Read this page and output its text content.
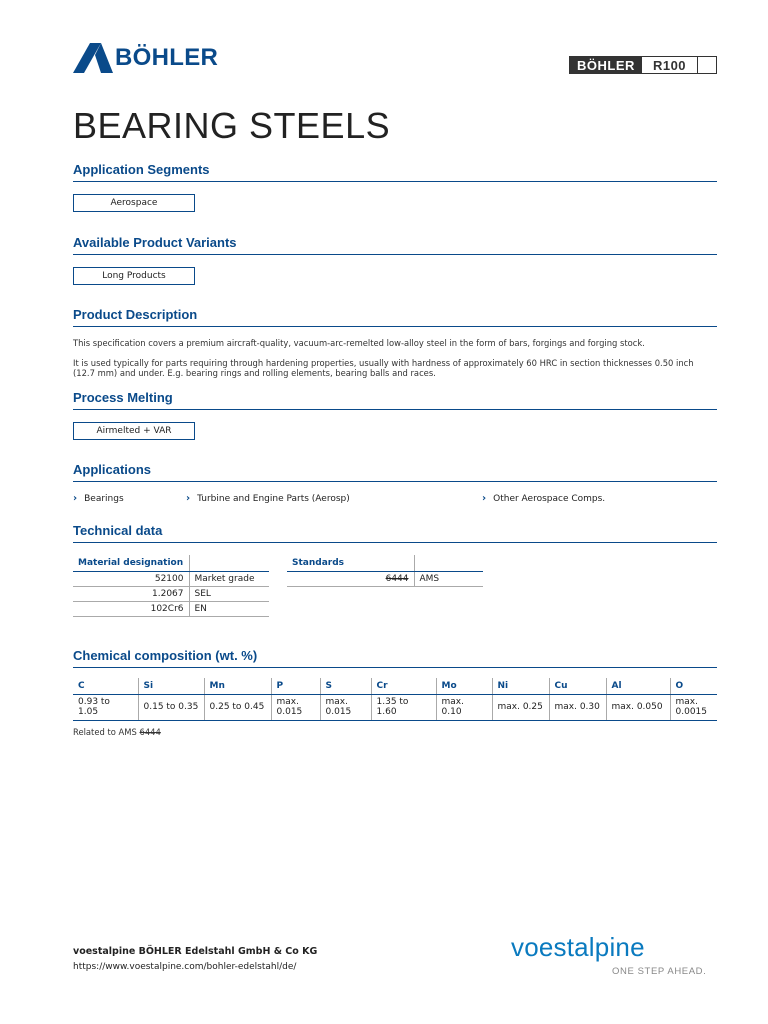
BÖHLER	BÖHLER	R100
BEARING STEELS
Application Segments
Aerospace
Available Product Variants
Long Products
Product Description
This specification covers a premium aircraft-quality, vacuum-arc-remelted low-alloy steel in the form of bars, forgings and forging stock.
It is used typically for parts requiring through hardening properties, usually with hardness of approximately 60 HRC in section thicknesses 0.50 inch (12.7 mm) and under. E.g. bearing rings and rolling elements, bearing balls and races.
Process Melting
Airmelted + VAR
Applications
› Bearings	› Turbine and Engine Parts (Aerosp)	› Other Aerospace Comps.
Technical data
Material designation	
52100	Market grade
1.2067	SEL
102Cr6	EN
Standards	
6444	AMS
Chemical composition (wt. %)
C	Si	Mn	P	S	Cr	Mo	Ni	Cu	Al	O
0.93 to 1.05	0.15 to 0.35	0.25 to 0.45	max. 0.015	max. 0.015	1.35 to 1.60	max. 0.10	max. 0.25	max. 0.30	max. 0.050	max. 0.0015
Related to AMS 6444
voestalpine BÖHLER Edelstahl GmbH & Co KG
https://www.voestalpine.com/bohler-edelstahl/de/
voestalpine
ONE STEP AHEAD.
